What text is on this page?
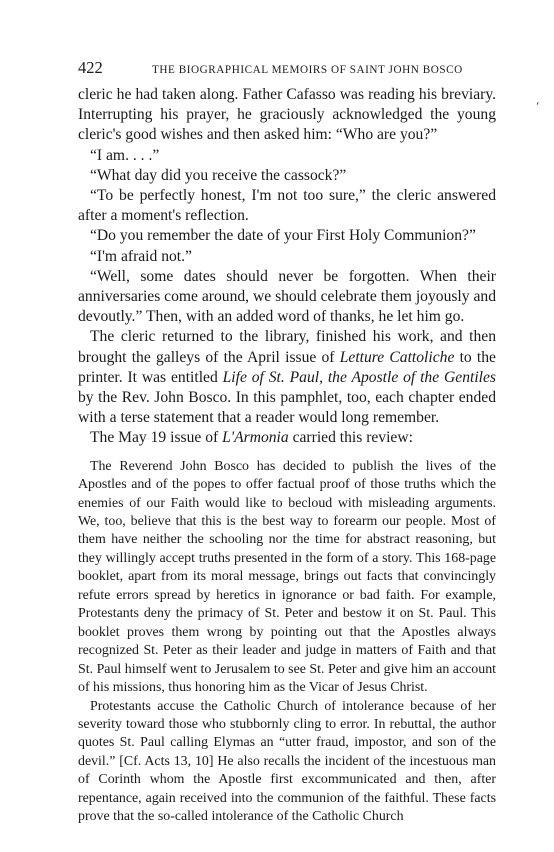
‘
422	THE BIOGRAPHICAL MEMOIRS OF SAINT JOHN BOSCO

cleric he had taken along. Father Cafasso was reading his breviary. Interrupting his prayer, he graciously acknowledged the young cleric's good wishes and then asked him: “Who are you?”

“I am. . . .”

“What day did you receive the cassock?”

“To be perfectly honest, I'm not too sure,” the cleric answered after a moment's reflection.

“Do you remember the date of your First Holy Communion?”

“I'm afraid not.”

“Well, some dates should never be forgotten. When their anniversaries come around, we should celebrate them joyously and devoutly.” Then, with an added word of thanks, he let him go.

The cleric returned to the library, finished his work, and then brought the galleys of the April issue of Letture Cattoliche to the printer. It was entitled Life of St. Paul, the Apostle of the Gentiles by the Rev. John Bosco. In this pamphlet, too, each chapter ended with a terse statement that a reader would long remember.

The May 19 issue of L'Armonia carried this review:

The Reverend John Bosco has decided to publish the lives of the Apostles and of the popes to offer factual proof of those truths which the enemies of our Faith would like to becloud with misleading arguments. We, too, believe that this is the best way to forearm our people. Most of them have neither the schooling nor the time for abstract reasoning, but they willingly accept truths presented in the form of a story. This 168-page booklet, apart from its moral message, brings out facts that convincingly refute errors spread by heretics in ignorance or bad faith. For example, Protestants deny the primacy of St. Peter and bestow it on St. Paul. This booklet proves them wrong by pointing out that the Apostles always recognized St. Peter as their leader and judge in matters of Faith and that St. Paul himself went to Jerusalem to see St. Peter and give him an account of his missions, thus honoring him as the Vicar of Jesus Christ.

Protestants accuse the Catholic Church of intolerance because of her severity toward those who stubbornly cling to error. In rebuttal, the author quotes St. Paul calling Elymas an “utter fraud, impostor, and son of the devil.” [Cf. Acts 13, 10] He also recalls the incident of the incestuous man of Corinth whom the Apostle first excommunicated and then, after repentance, again received into the communion of the faithful. These facts prove that the so-called intolerance of the Catholic Church
